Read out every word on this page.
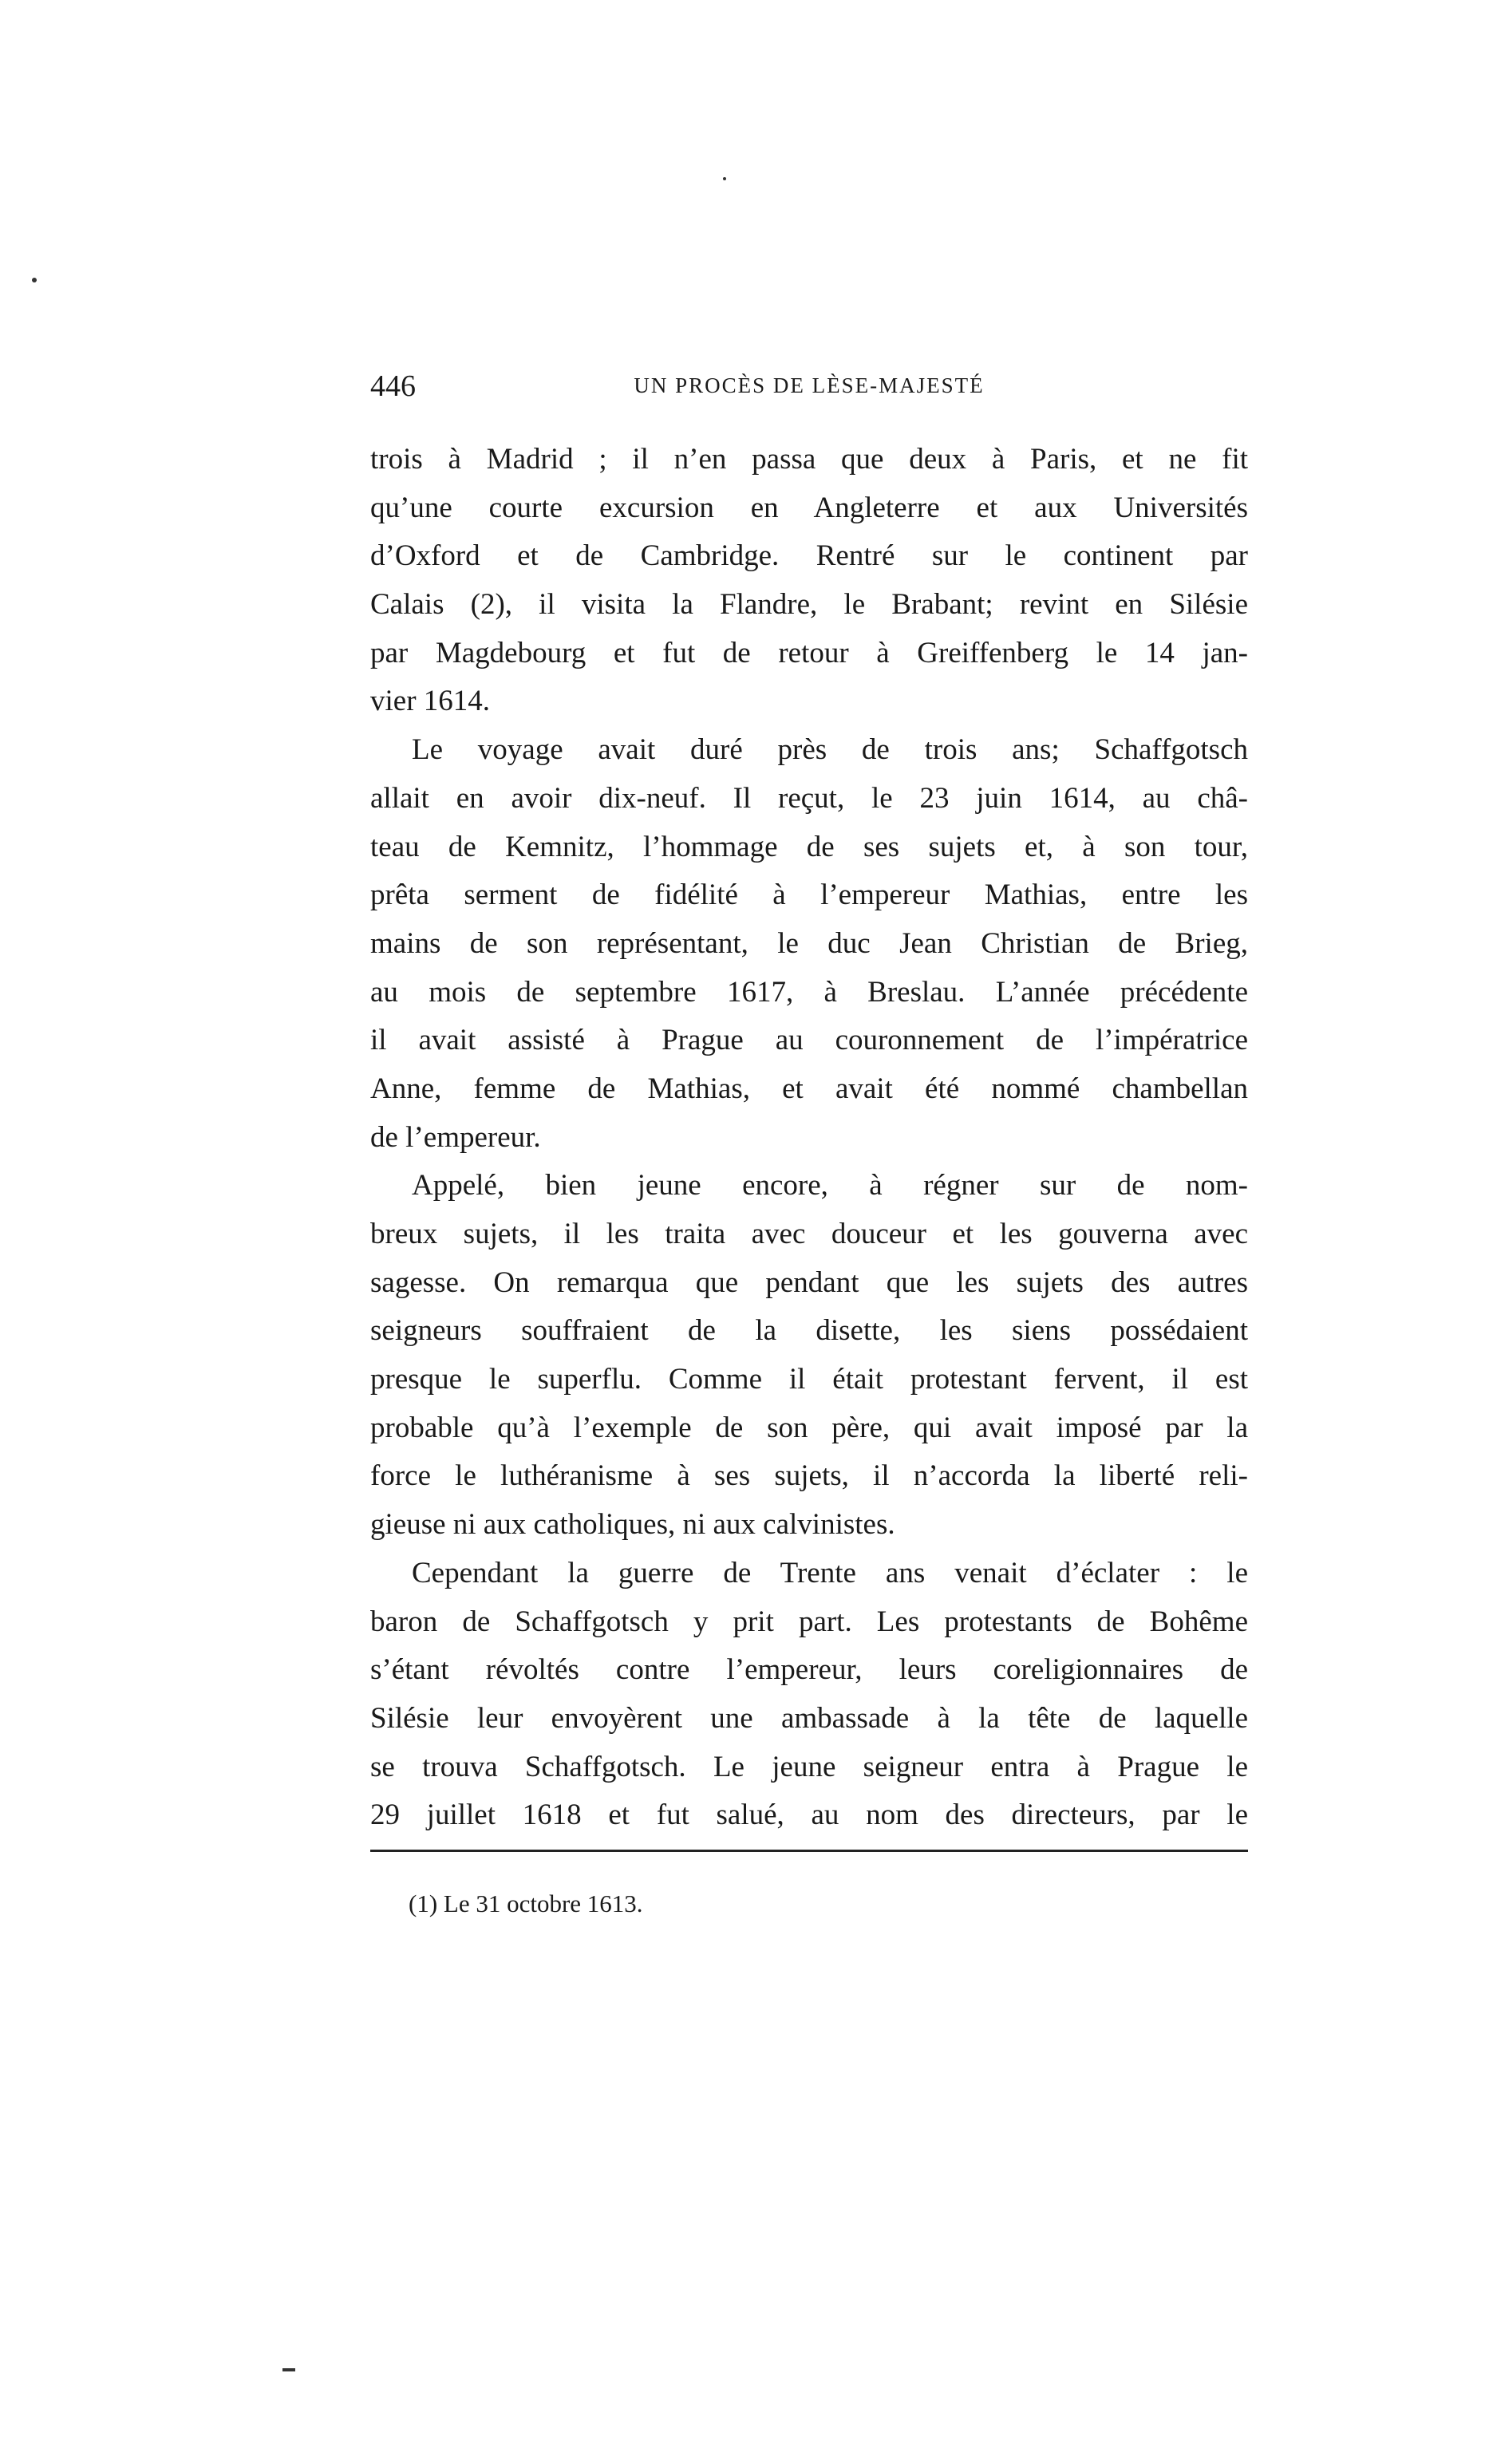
446	UN PROCÈS DE LÈSE-MAJESTÉ
trois à Madrid ; il n’en passa que deux à Paris, et ne fit
qu’une courte excursion en Angleterre et aux Universités
d’Oxford et de Cambridge. Rentré sur le continent par
Calais (2), il visita la Flandre, le Brabant; revint en Silésie
par Magdebourg et fut de retour à Greiffenberg le 14 jan-
vier 1614.
Le voyage avait duré près de trois ans; Schaffgotsch
allait en avoir dix-neuf. Il reçut, le 23 juin 1614, au châ-
teau de Kemnitz, l’hommage de ses sujets et, à son tour,
prêta serment de fidélité à l’empereur Mathias, entre les
mains de son représentant, le duc Jean Christian de Brieg,
au mois de septembre 1617, à Breslau. L’année précédente
il avait assisté à Prague au couronnement de l’impératrice
Anne, femme de Mathias, et avait été nommé chambellan
de l’empereur.
Appelé, bien jeune encore, à régner sur de nom-
breux sujets, il les traita avec douceur et les gouverna avec
sagesse. On remarqua que pendant que les sujets des autres
seigneurs souffraient de la disette, les siens possédaient
presque le superflu. Comme il était protestant fervent, il est
probable qu’à l’exemple de son père, qui avait imposé par la
force le luthéranisme à ses sujets, il n’accorda la liberté reli-
gieuse ni aux catholiques, ni aux calvinistes.
Cependant la guerre de Trente ans venait d’éclater : le
baron de Schaffgotsch y prit part. Les protestants de Bohême
s’étant révoltés contre l’empereur, leurs coreligionnaires de
Silésie leur envoyèrent une ambassade à la tête de laquelle
se trouva Schaffgotsch. Le jeune seigneur entra à Prague le
29 juillet 1618 et fut salué, au nom des directeurs, par le
(1) Le 31 octobre 1613.
